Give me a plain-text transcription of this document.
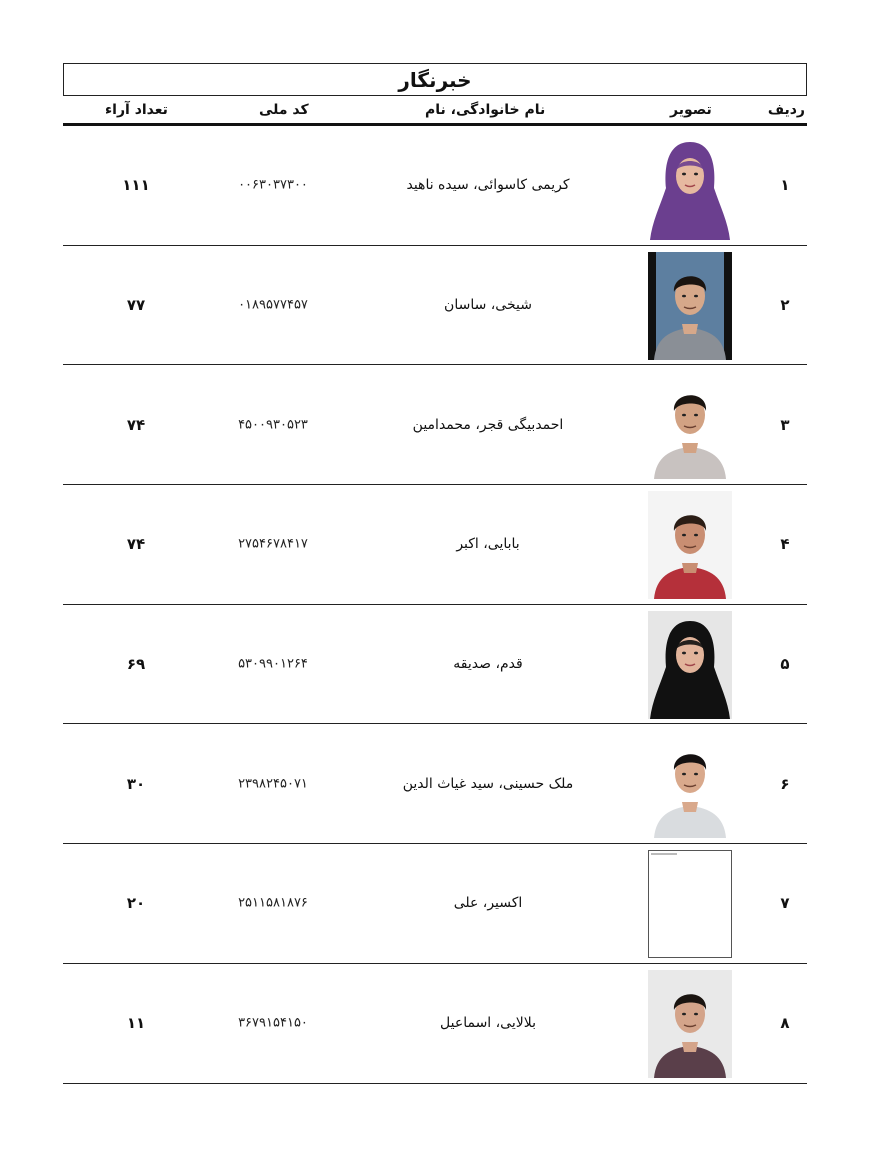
خبرنگار
ردیف
تصویر
نام خانوادگی، نام
کد ملی
تعداد آراء
۱
کریمی کاسوائی، سیده ناهید
۰۰۶۳۰۳۷۳۰۰
۱۱۱
۲
شیخی، ساسان
۰۱۸۹۵۷۷۴۵۷
۷۷
۳
احمدبیگی قجر، محمدامین
۴۵۰۰۹۳۰۵۲۳
۷۴
۴
بابایی، اکبر
۲۷۵۴۶۷۸۴۱۷
۷۴
۵
قدم، صدیقه
۵۳۰۹۹۰۱۲۶۴
۶۹
۶
ملک حسینی، سید غیاث الدین
۲۳۹۸۲۴۵۰۷۱
۳۰
۷
اکسیر، علی
۲۵۱۱۵۸۱۸۷۶
۲۰
۸
بلالایی، اسماعیل
۳۶۷۹۱۵۴۱۵۰
۱۱
